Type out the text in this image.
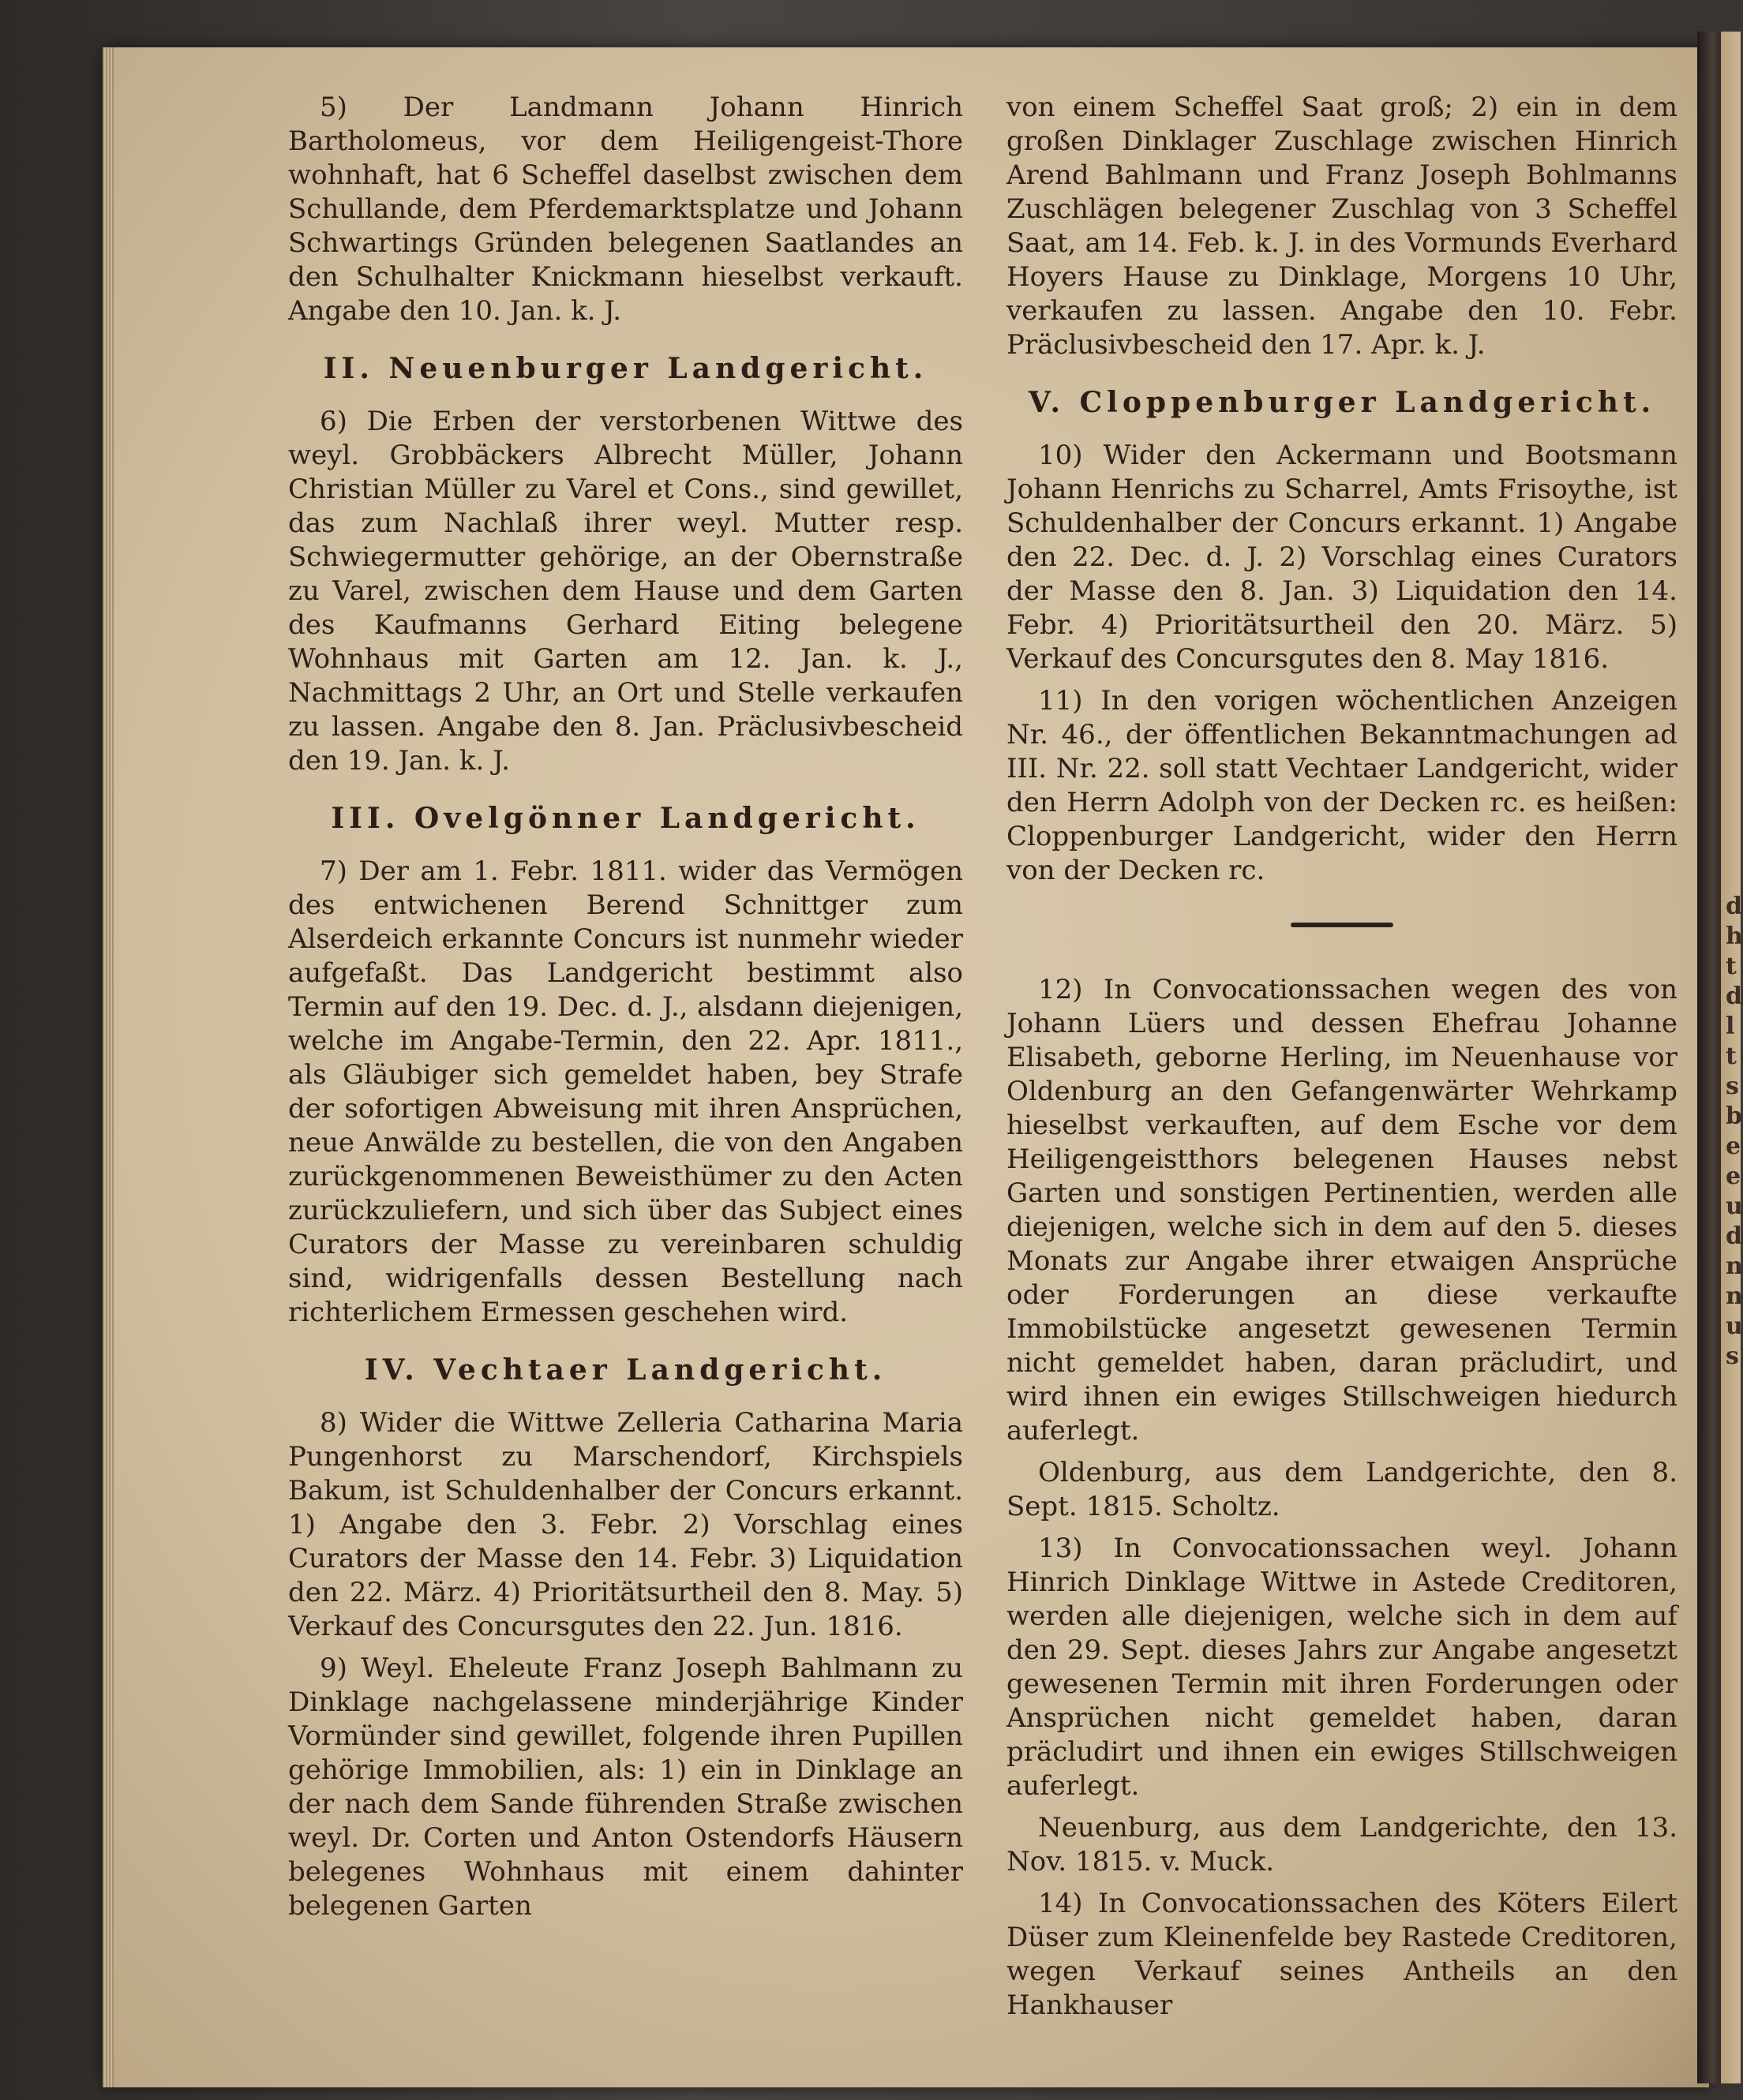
d
h
t
d
l
t
s
b
e
e
u
d
n
n
u
s

5) Der Landmann Johann Hinrich Bartholomeus, vor dem Heiligengeist-Thore wohnhaft, hat 6 Scheffel daselbst zwischen dem Schullande, dem Pferdemarktsplatze und Johann Schwartings Gründen belegenen Saatlandes an den Schulhalter Knickmann hieselbst verkauft. Angabe den 10. Jan. k. J.

II. Neuenburger Landgericht.

6) Die Erben der verstorbenen Wittwe des weyl. Grobbäckers Albrecht Müller, Johann Christian Müller zu Varel et Cons., sind gewillet, das zum Nachlaß ihrer weyl. Mutter resp. Schwiegermutter gehörige, an der Obernstraße zu Varel, zwischen dem Hause und dem Garten des Kaufmanns Gerhard Eiting belegene Wohnhaus mit Garten am 12. Jan. k. J., Nachmittags 2 Uhr, an Ort und Stelle verkaufen zu lassen. Angabe den 8. Jan. Präclusivbescheid den 19. Jan. k. J.

III. Ovelgönner Landgericht.

7) Der am 1. Febr. 1811. wider das Vermögen des entwichenen Berend Schnittger zum Alserdeich erkannte Concurs ist nunmehr wieder aufgefaßt. Das Landgericht bestimmt also Termin auf den 19. Dec. d. J., alsdann diejenigen, welche im Angabe-Termin, den 22. Apr. 1811., als Gläubiger sich gemeldet haben, bey Strafe der sofortigen Abweisung mit ihren Ansprüchen, neue Anwälde zu bestellen, die von den Angaben zurückgenommenen Beweisthümer zu den Acten zurückzuliefern, und sich über das Subject eines Curators der Masse zu vereinbaren schuldig sind, widrigenfalls dessen Bestellung nach richterlichem Ermessen geschehen wird.

IV. Vechtaer Landgericht.

8) Wider die Wittwe Zelleria Catharina Maria Pungenhorst zu Marschendorf, Kirchspiels Bakum, ist Schuldenhalber der Concurs erkannt. 1) Angabe den 3. Febr. 2) Vorschlag eines Curators der Masse den 14. Febr. 3) Liquidation den 22. März. 4) Prioritätsurtheil den 8. May. 5) Verkauf des Concursgutes den 22. Jun. 1816.

9) Weyl. Eheleute Franz Joseph Bahlmann zu Dinklage nachgelassene minderjährige Kinder Vormünder sind gewillet, folgende ihren Pupillen gehörige Immobilien, als: 1) ein in Dinklage an der nach dem Sande führenden Straße zwischen weyl. Dr. Corten und Anton Ostendorfs Häusern belegenes Wohnhaus mit einem dahinter belegenen Garten

von einem Scheffel Saat groß; 2) ein in dem großen Dinklager Zuschlage zwischen Hinrich Arend Bahlmann und Franz Joseph Bohlmanns Zuschlägen belegener Zuschlag von 3 Scheffel Saat, am 14. Feb. k. J. in des Vormunds Everhard Hoyers Hause zu Dinklage, Morgens 10 Uhr, verkaufen zu lassen. Angabe den 10. Febr. Präclusivbescheid den 17. Apr. k. J.

V. Cloppenburger Landgericht.

10) Wider den Ackermann und Bootsmann Johann Henrichs zu Scharrel, Amts Frisoythe, ist Schuldenhalber der Concurs erkannt. 1) Angabe den 22. Dec. d. J. 2) Vorschlag eines Curators der Masse den 8. Jan. 3) Liquidation den 14. Febr. 4) Prioritätsurtheil den 20. März. 5) Verkauf des Concursgutes den 8. May 1816.

11) In den vorigen wöchentlichen Anzeigen Nr. 46., der öffentlichen Bekanntmachungen ad III. Nr. 22. soll statt Vechtaer Landgericht, wider den Herrn Adolph von der Decken rc. es heißen: Cloppenburger Landgericht, wider den Herrn von der Decken rc.

12) In Convocationssachen wegen des von Johann Lüers und dessen Ehefrau Johanne Elisabeth, geborne Herling, im Neuenhause vor Oldenburg an den Gefangenwärter Wehrkamp hieselbst verkauften, auf dem Esche vor dem Heiligengeistthors belegenen Hauses nebst Garten und sonstigen Pertinentien, werden alle diejenigen, welche sich in dem auf den 5. dieses Monats zur Angabe ihrer etwaigen Ansprüche oder Forderungen an diese verkaufte Immobilstücke angesetzt gewesenen Termin nicht gemeldet haben, daran präcludirt, und wird ihnen ein ewiges Stillschweigen hiedurch auferlegt.

Oldenburg, aus dem Landgerichte, den 8. Sept. 1815. Scholtz.

13) In Convocationssachen weyl. Johann Hinrich Dinklage Wittwe in Astede Creditoren, werden alle diejenigen, welche sich in dem auf den 29. Sept. dieses Jahrs zur Angabe angesetzt gewesenen Termin mit ihren Forderungen oder Ansprüchen nicht gemeldet haben, daran präcludirt und ihnen ein ewiges Stillschweigen auferlegt.

Neuenburg, aus dem Landgerichte, den 13. Nov. 1815. v. Muck.

14) In Convocationssachen des Köters Eilert Düser zum Kleinenfelde bey Rastede Creditoren, wegen Verkauf seines Antheils an den Hankhauser
